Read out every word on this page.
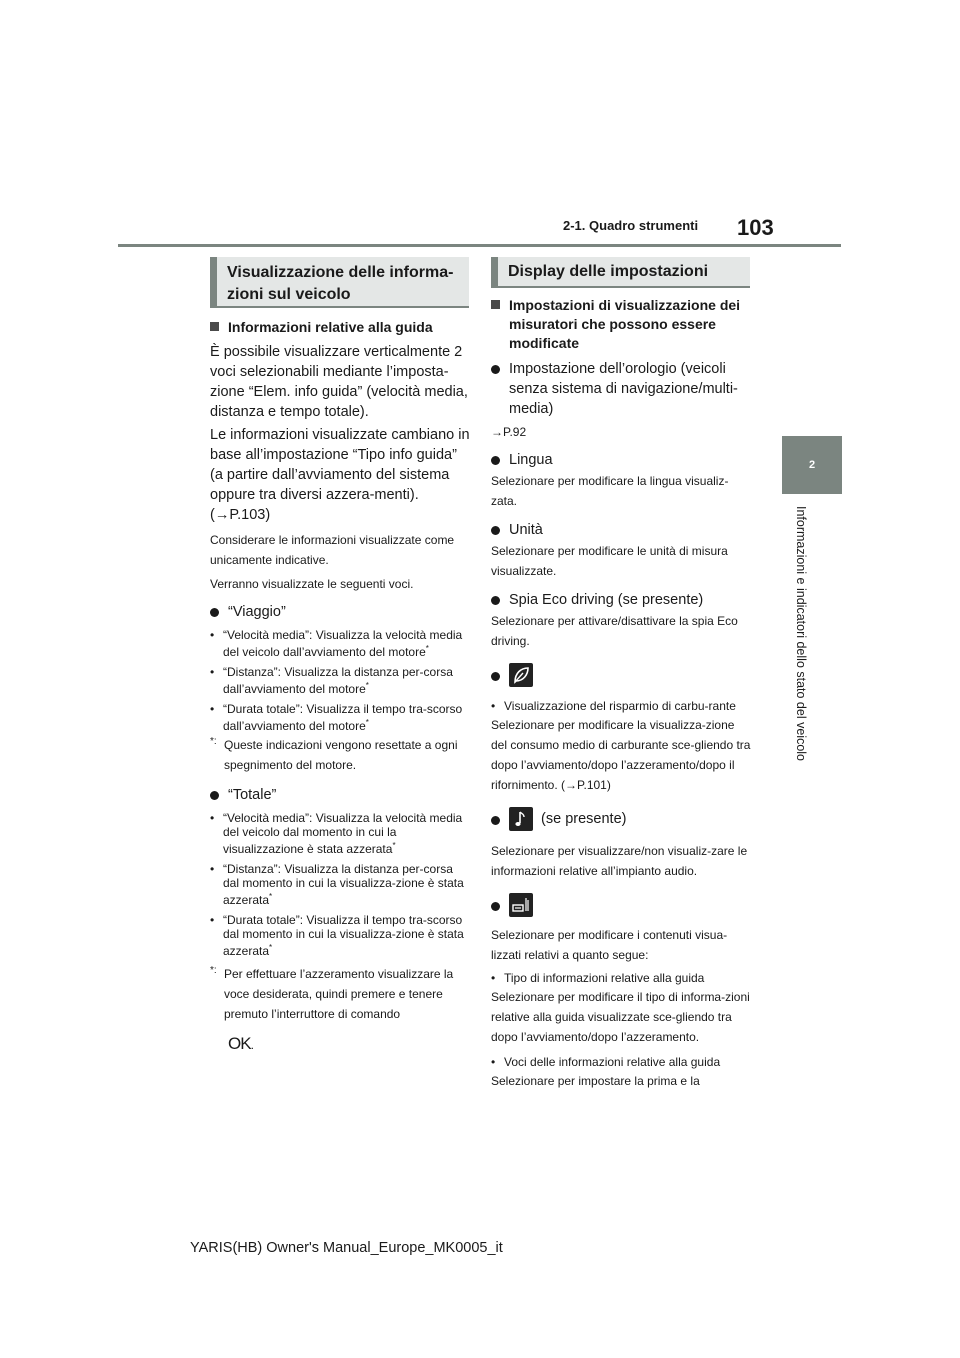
2-1. Quadro strumenti 103
2
Informazioni e indicatori dello stato del veicolo
Visualizzazione delle informa-zioni sul veicolo
Informazioni relative alla guida

È possibile visualizzare verticalmente 2 voci selezionabili mediante l’imposta-zione “Elem. info guida” (velocità media, distanza e tempo totale).

Le informazioni visualizzate cambiano in base all’impostazione “Tipo info guida” (a partire dall’avviamento del sistema oppure tra diversi azzera-menti). (→P.103)

Considerare le informazioni visualizzate come unicamente indicative.

Verranno visualizzate le seguenti voci.

“Viaggio”
• “Velocità media”: Visualizza la velocità media del veicolo dall’avviamento del motore*
• “Distanza”: Visualizza la distanza per-corsa dall’avviamento del motore*
• “Durata totale”: Visualizza il tempo tra-scorso dall’avviamento del motore*
*: Queste indicazioni vengono resettate a ogni spegnimento del motore.
“Totale”
• “Velocità media”: Visualizza la velocità media del veicolo dal momento in cui la visualizzazione è stata azzerata*
• “Distanza”: Visualizza la distanza per-corsa dal momento in cui la visualizza-zione è stata azzerata*
• “Durata totale”: Visualizza il tempo tra-scorso dal momento in cui la visualizza-zione è stata azzerata*
*: Per effettuare l’azzeramento visualizzare la voce desiderata, quindi premere e tenere premuto l’interruttore di comando
OK.
Display delle impostazioni
Impostazioni di visualizzazione dei misuratori che possono essere modificate
Impostazione dell’orologio (veicoli senza sistema di navigazione/multi-media)

→P.92

Lingua

Selezionare per modificare la lingua visualiz-zata.

Unità

Selezionare per modificare le unità di misura visualizzate.

Spia Eco driving (se presente)

Selezionare per attivare/disattivare la spia Eco driving.

• Visualizzazione del risparmio di carbu-rante

Selezionare per modificare la visualizza-zione del consumo medio di carburante sce-gliendo tra dopo l’avviamento/dopo l’azzeramento/dopo il rifornimento. (→P.101)

(se presente)

Selezionare per visualizzare/non visualiz-zare le informazioni relative all’impianto audio.

Selezionare per modificare i contenuti visua-lizzati relativi a quanto segue:

• Tipo di informazioni relative alla guida

Selezionare per modificare il tipo di informa-zioni relative alla guida visualizzate sce-gliendo tra dopo l’avviamento/dopo l’azzeramento.

• Voci delle informazioni relative alla guida

Selezionare per impostare la prima e la

YARIS(HB) Owner's Manual_Europe_MK0005_it
